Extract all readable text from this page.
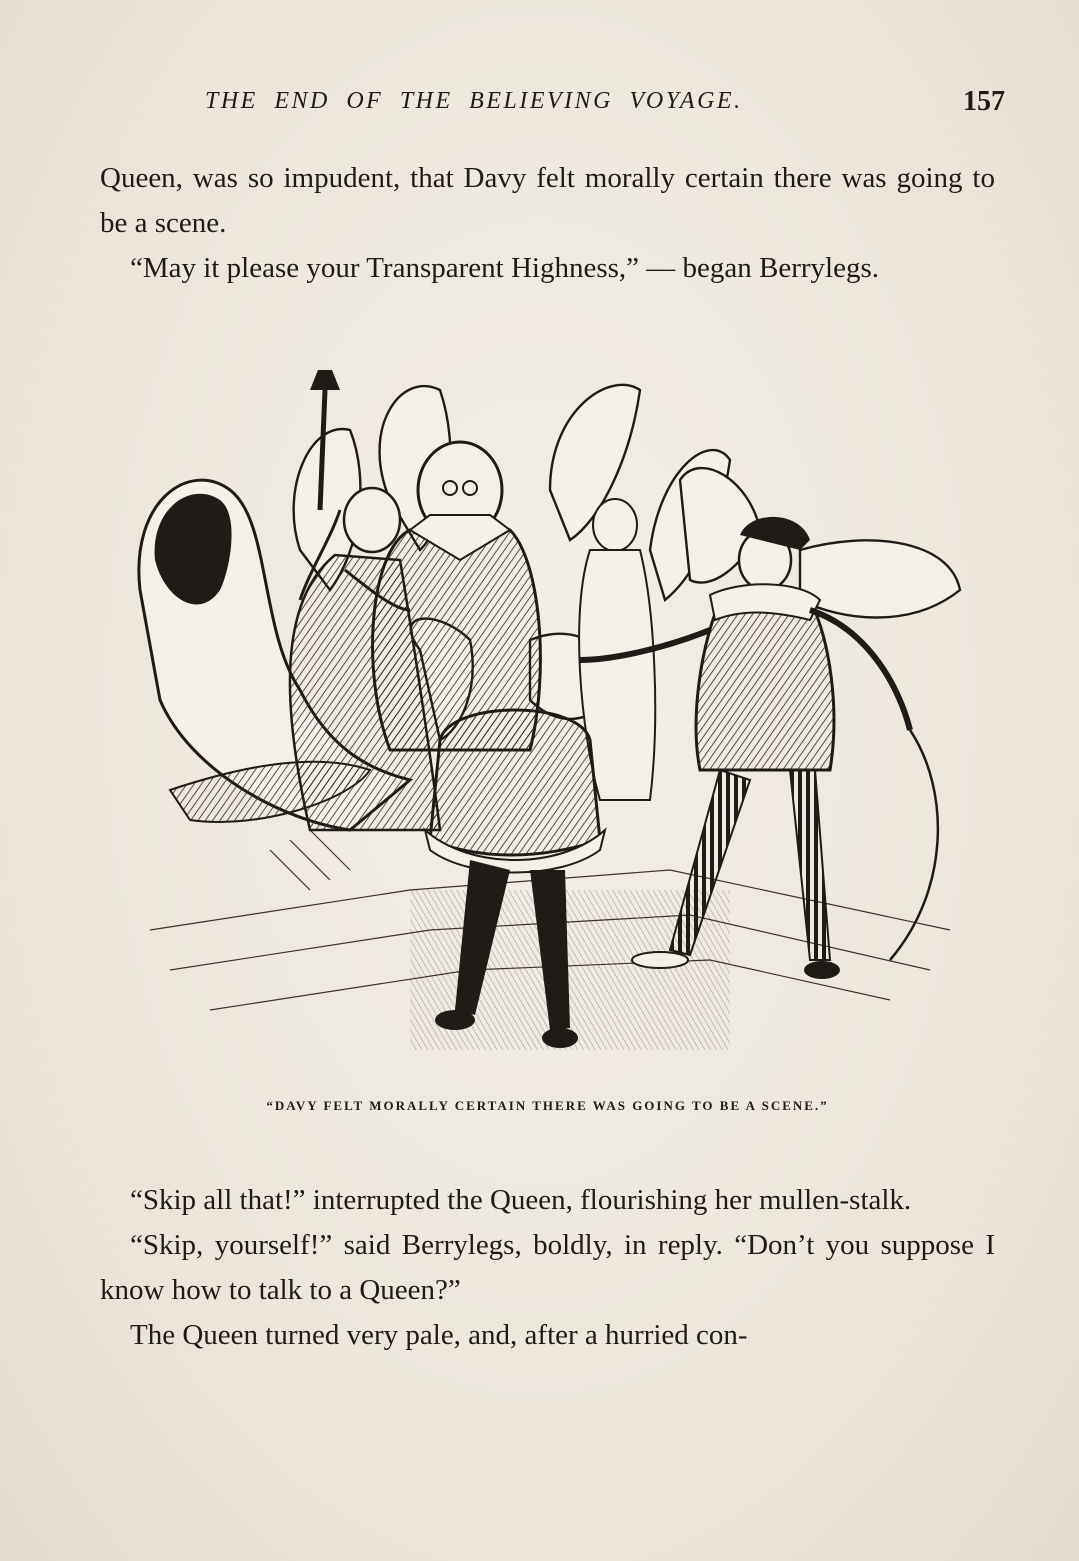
THE END OF THE BELIEVING VOYAGE.	157

Queen, was so impudent, that Davy felt morally certain there was going to be a scene.

“May it please your Transparent Highness,” — began Berrylegs.

“DAVY FELT MORALLY CERTAIN THERE WAS GOING TO BE A SCENE.”

“Skip all that!” interrupted the Queen, flourishing her mullen-stalk.

“Skip, yourself!” said Berrylegs, boldly, in reply. “Don’t you suppose I know how to talk to a Queen?”

The Queen turned very pale, and, after a hurried con-
